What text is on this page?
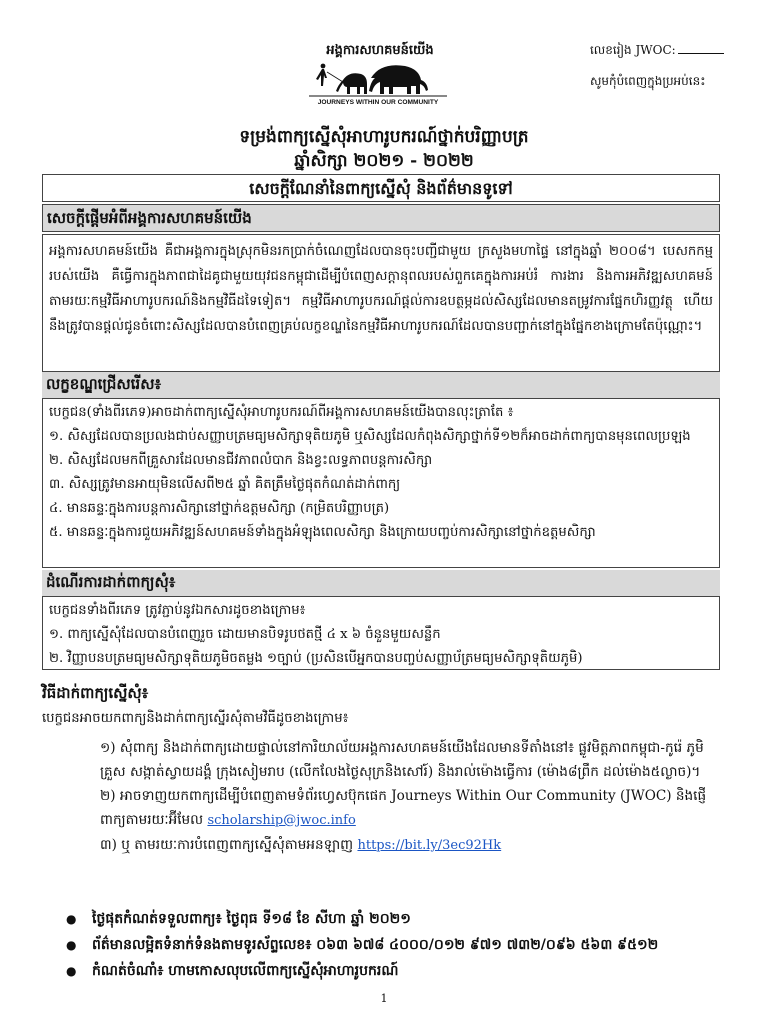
អង្គការសហគមន៍យើង
JOURNEYS WITHIN OUR COMMUNITY
លេខរៀង JWOC:
សូមកុំបំពេញក្នុងប្រអប់នេះ
ទម្រង់ពាក្យស្នើសុំអាហារូបករណ៍ថ្នាក់បរិញ្ញាបត្រ
ឆ្នាំសិក្សា ២០២១ - ២០២២
សេចក្ដីណែនាំនៃពាក្យស្នើសុំ និងព័ត៌មានទូទៅ
សេចក្ដីផ្ដើមអំពីអង្គការសហគមន៍យើង
អង្គការសហគមន៍យើង គឺជាអង្គការក្នុងស្រុកមិនរកប្រាក់ចំណេញដែលបានចុះបញ្ជីជាមួយ ក្រសួងមហាផ្ទៃ នៅក្នុងឆ្នាំ ២០០៨។ បេសកកម្មរបស់យើង គឺធ្វើការក្នុងភាពជាដៃគូជាមួយយុវជនកម្ពុជាដើម្បីបំពេញសក្ដានុពលរបស់ពួកគេក្នុងការអប់រំ ការងារ និងការអភិវឌ្ឍសហគមន៍តាមរយៈកម្មវិធីអាហារូបករណ៍និងកម្មវិធីដទៃទៀត។ កម្មវិធីអាហារូបករណ៍ផ្ដល់ការឧបត្ថម្ភដល់សិស្សដែលមានតម្រូវការផ្នែកហិរញ្ញវត្ថុ ហើយនឹងត្រូវបានផ្ដល់ជូនចំពោះសិស្សដែលបានបំពេញគ្រប់លក្ខខណ្ឌនៃកម្មវិធីអាហារូបករណ៍ដែលបានបញ្ជាក់នៅក្នុងផ្នែកខាងក្រោមតែប៉ុណ្ណោះ។
លក្ខខណ្ឌជ្រើសរើស៖

បេក្ខជន(ទាំងពីរភេទ)អាចដាក់ពាក្យស្នើសុំអាហារូបករណ៍ពីអង្គការសហគមន៍យើងបានលុះត្រាតែ ៖

១. សិស្សដែលបានប្រលងជាប់សញ្ញាបត្រមធ្យមសិក្សាទុតិយភូមិ ឬសិស្សដែលកំពុងសិក្សាថ្នាក់ទី១២ក៏អាចដាក់ពាក្យបានមុនពេលប្រឡង

២. សិស្សដែលមកពីគ្រួសារដែលមានជីវភាពលំបាក និងខ្វះលទ្ធភាពបន្តការសិក្សា

៣. សិស្សត្រូវមានអាយុមិនលើសពី២៥ ឆ្នាំ គិតត្រឹមថ្ងៃផុតកំណត់ដាក់ពាក្យ

៤. មានឆន្ទៈក្នុងការបន្តការសិក្សានៅថ្នាក់ឧត្ដមសិក្សា (កម្រិតបរិញ្ញាបត្រ)

៥. មានឆន្ទៈក្នុងការជួយអភិវឌ្ឍន៍សហគមន៍ទាំងក្នុងអំឡុងពេលសិក្សា និងក្រោយបញ្ចប់ការសិក្សានៅថ្នាក់ឧត្តមសិក្សា

ដំណើរការដាក់ពាក្យសុំ៖

បេក្ខជនទាំងពីរភេទ ត្រូវភ្ជាប់នូវឯកសារដូចខាងក្រោម៖

១. ពាក្យស្នើសុំដែលបានបំពេញរួច ដោយមានបិទរូបថតថ្មី ៤ x ៦ ចំនួនមួយសន្លឹក

២. វិញ្ញាបនបត្រមធ្យមសិក្សាទុតិយភូមិចតម្លង ១ច្បាប់ (ប្រសិនបើអ្នកបានបញ្ចប់សញ្ញាប័ត្រមធ្យមសិក្សាទុតិយភូមិ)

វិធីដាក់ពាក្យស្នើសុំ៖
បេក្ខជនអាចយកពាក្យនិងដាក់ពាក្យស្នើរសុំតាមវិធីដូចខាងក្រោម៖

១) សុំពាក្យ និងដាក់ពាក្យដោយផ្ទាល់នៅការិយាល័យអង្គការសហគមន៍យើងដែលមានទីតាំងនៅ៖ ផ្លូវមិត្តភាពកម្ពុជា-កូរ៉េ ភូមិគ្រួស សង្កាត់ស្វាយដង្គំ ក្រុងសៀមរាប (លើកលែងថ្ងៃសុក្រនិងសៅរ៍) និងរាល់ម៉ោងធ្វើការ (ម៉ោង៨ព្រឹក ដល់ម៉ោង៥ល្ងាច)។

២) អាចទាញយកពាក្យដើម្បីបំពេញតាមទំព័រហ្វេសប៊ុកផេក Journeys Within Our Community (JWOC) និងផ្ញើពាក្យតាមរយៈអ៊ីមែល scholarship@jwoc.info

៣) ឬ តាមរយៈការបំពេញពាក្យស្នើសុំតាមអនឡាញ https://bit.ly/3ec92Hk

●	ថ្ងៃផុតកំណត់ទទួលពាក្យ៖ ថ្ងៃពុធ ទី១៨ ខែ សីហា ឆ្នាំ ២០២១
●	ព័ត៌មានលម្អិតទំនាក់ទំនងតាមទូរស័ព្ទលេខ៖ ០៦៣ ៦៧៨ ៤០០០/០១២ ៩៧១ ៧៣២/០៩៦ ៥៦៣ ៩៥១២
●	កំណត់ចំណាំ៖ ហាមកោសលុបលើពាក្យស្នើសុំអាហារូបករណ៍
1
